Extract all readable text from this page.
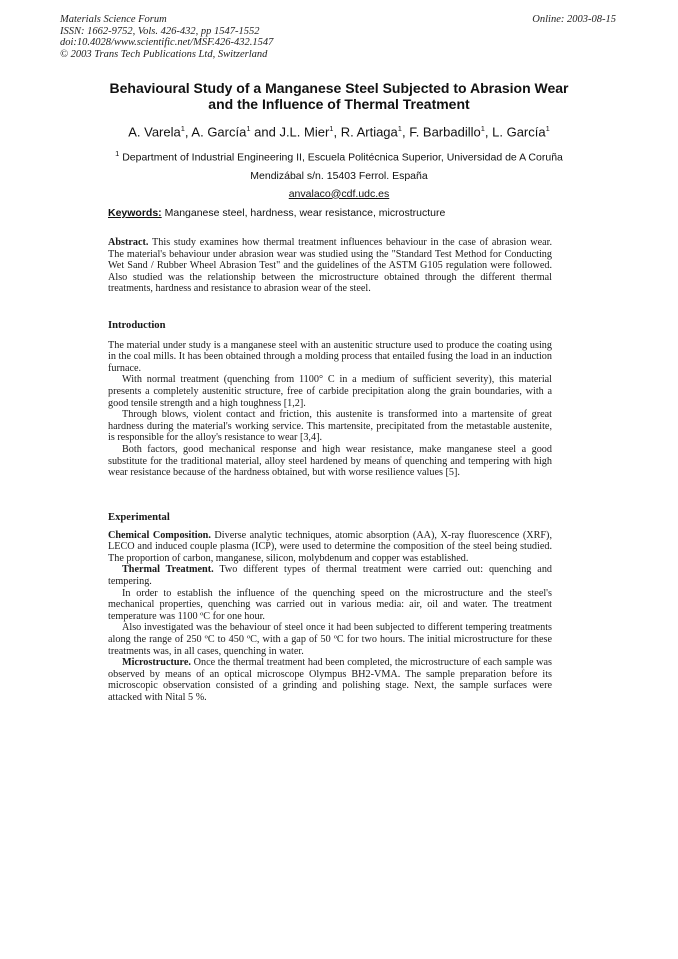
Materials Science Forum
ISSN: 1662-9752, Vols. 426-432, pp 1547-1552
doi:10.4028/www.scientific.net/MSF.426-432.1547
© 2003 Trans Tech Publications Ltd, Switzerland
Online: 2003-08-15
Behavioural Study of a Manganese Steel Subjected to Abrasion Wear
and the Influence of Thermal Treatment
A. Varela$^1$, A. García$^1$ and J.L. Mier$^1$, R. Artiaga$^1$, F. Barbadillo$^1$, L. García$^1$
$^1$ Department of Industrial Engineering II, Escuela Politécnica Superior, Universidad de A Coruña
Mendizábal s/n. 15403 Ferrol. España
anvalaco@cdf.udc.es
Keywords: Manganese steel, hardness, wear resistance, microstructure

Abstract. This study examines how thermal treatment influences behaviour in the case of abrasion wear. The material's behaviour under abrasion wear was studied using the "Standard Test Method for Conducting Wet Sand / Rubber Wheel Abrasion Test" and the guidelines of the ASTM G105 regulation were followed. Also studied was the relationship between the microstructure obtained through the different thermal treatments, hardness and resistance to abrasion wear of the steel.

Introduction

The material under study is a manganese steel with an austenitic structure used to produce the coating using in the coal mills. It has been obtained through a molding process that entailed fusing the load in an induction furnace.

With normal treatment (quenching from 1100° C in a medium of sufficient severity), this material presents a completely austenitic structure, free of carbide precipitation along the grain boundaries, with a good tensile strength and a high toughness [1,2].

Through blows, violent contact and friction, this austenite is transformed into a martensite of great hardness during the material's working service. This martensite, precipitated from the metastable austenite, is responsible for the alloy's resistance to wear [3,4].

Both factors, good mechanical response and high wear resistance, make manganese steel a good substitute for the traditional material, alloy steel hardened by means of quenching and tempering with high wear resistance because of the hardness obtained, but with worse resilience values [5].

Experimental

Chemical Composition. Diverse analytic techniques, atomic absorption (AA), X-ray fluorescence (XRF), LECO and induced couple plasma (ICP), were used to determine the composition of the steel being studied. The proportion of carbon, manganese, silicon, molybdenum and copper was established.

Thermal Treatment. Two different types of thermal treatment were carried out: quenching and tempering.

In order to establish the influence of the quenching speed on the microstructure and the steel's mechanical properties, quenching was carried out in various media: air, oil and water. The treatment temperature was 1100 ºC for one hour.

Also investigated was the behaviour of steel once it had been subjected to different tempering treatments along the range of 250 ºC to 450 ºC, with a gap of 50 ºC for two hours. The initial microstructure for these treatments was, in all cases, quenching in water.

Microstructure. Once the thermal treatment had been completed, the microstructure of each sample was observed by means of an optical microscope Olympus BH2-VMA. The sample preparation before its microscopic observation consisted of a grinding and polishing stage. Next, the sample surfaces were attacked with Nital 5 %.
